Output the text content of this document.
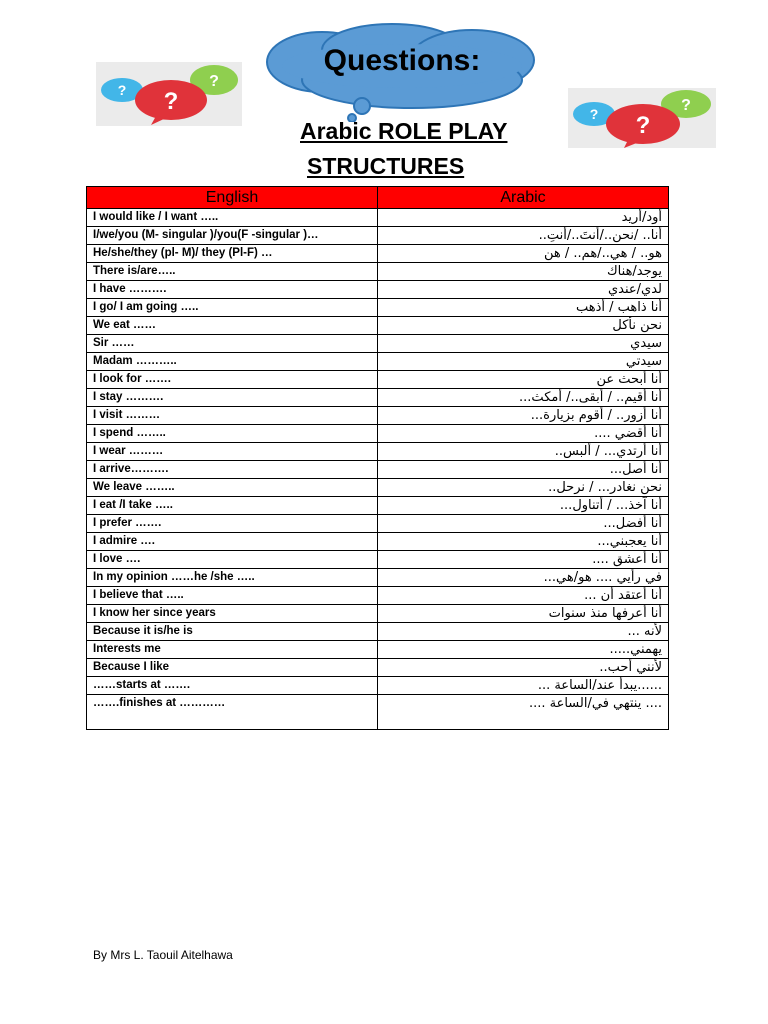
Questions:
?	?
?	?	?
?
Arabic ROLE PLAY
STRUCTURES
English	Arabic
I would like / I want …..	أود/أريد
I/we/you (M- singular )/you(F -singular )…	أنا.. /نحن../أنتَ../أنتِ..
He/she/they (pl- M)/ they (Pl-F) …	هو.. / هي../هم.. / هن
There is/are…..	يوجد/هناك
I have ……….	لدي/عندي
I go/ I am going …..	أنا ذاهب / أذهب
We eat ……	نحن نأكل
Sir ……	سيدي
Madam ………..	سيدتي
I look for …….	أنا أبحث عن
I stay ……….	أنا أقيم.. / أبقى../ أمكث...
I visit ………	أنا أزور.. / أقوم بزيارة...
I spend ……..	أنا أقضي ....
I wear ………	أنا أرتدي... / ألبس..
I arrive……….	أنا أصل...
We leave ……..	نحن نغادر... / نرحل..
I eat /I take …..	أنا آخذ... / أتناول...
I prefer …….	أنا أفضل...
I admire ….	أنا يعجبني...
I love ….	أنا أعشق ....
In my opinion ……he /she …..	في رأيي .... هو/هي...
I believe that …..	أنا أعتقد أن ...
I know her since years	أنا أعرفها منذ سنوات
Because it is/he is	لأنه ...
Interests me	يهمني.....
Because I like	لأنني أحب..
……starts at …….	......يبدأ عند/الساعة ...
…….finishes at …………	.... ينتهي في/الساعة ....
By Mrs L. Taouil Aitelhawa
